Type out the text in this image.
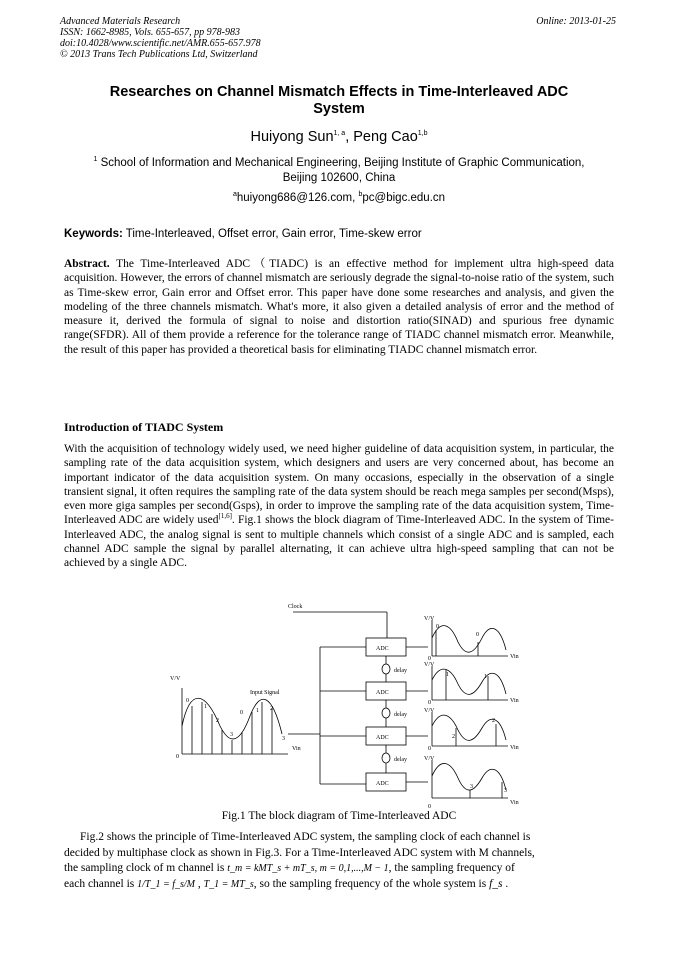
Advanced Materials Research
ISSN: 1662-8985, Vols. 655-657, pp 978-983
doi:10.4028/www.scientific.net/AMR.655-657.978
© 2013 Trans Tech Publications Ltd, Switzerland
Online: 2013-01-25
Researches on Channel Mismatch Effects in Time-Interleaved ADC
System
Huiyong Sun$^{1, a}$, Peng Cao$^{1,b}$
$^1$ School of Information and Mechanical Engineering, Beijing Institute of Graphic Communication,
Beijing 102600, China
$^a$huiyong686@126.com, $^b$pc@bigc.edu.cn
Keywords: Time-Interleaved, Offset error, Gain error, Time-skew error
Abstract. The Time-Interleaved ADC（TIADC) is an effective method for implement ultra high-speed data acquisition. However, the errors of channel mismatch are seriously degrade the signal-to-noise ratio of the system, such as Time-skew error, Gain error and Offset error. This paper have done some researches and analysis, and given the modeling of the three channels mismatch. What's more, it also given a detailed analysis of error and the method of measure it, derived the formula of signal to noise and distortion ratio(SINAD) and spurious free dynamic range(SFDR). All of them provide a reference for the tolerance range of TIADC channel mismatch error. Meanwhile, the result of this paper has provided a theoretical basis for eliminating TIADC channel mismatch error.
Introduction of TIADC System
With the acquisition of technology widely used, we need higher guideline of data acquisition system, in particular, the sampling rate of the data acquisition system, which designers and users are very concerned about, has become an important indicator of the data acquisition system. On many occasions, especially in the observation of a single transient signal, it often requires the sampling rate of the data system should be reach mega samples per second(Msps), even more giga samples per second(Gsps), in order to improve the sampling rate of the data acquisition system, Time-Interleaved ADC are widely used[1,6]. Fig.1 shows the block diagram of Time-Interleaved ADC. In the system of Time-Interleaved ADC, the analog signal is sent to multiple channels which consist of a single ADC and is sampled, each channel ADC sample the signal by parallel alternating, it can achieve ultra high-speed sampling that can not be achieved by a single ADC.
Clock
ADC
ADC
ADC
ADC
delay
delay
delay
Input Signal
V/V
Vin
0
0
1
2
3
0 1 2
3
V/V
V/V
V/V
V/V
Vin
Vin
Vin
Vin
0
0
0
0
0
0
1	1
2
2
3
3
Fig.1 The block diagram of Time-Interleaved ADC
Fig.2 shows the principle of Time-Interleaved ADC system, the sampling clock of each channel is
decided by multiphase clock as shown in Fig.3. For a Time-Interleaved ADC system with M channels,
the sampling clock of m channel is t_m = kMT_s + mT_s, m = 0,1,...,M − 1, the sampling frequency of
each channel is 1/T_1 = f_s/M , T_1 = MT_s, so the sampling frequency of the whole system is f_s .
